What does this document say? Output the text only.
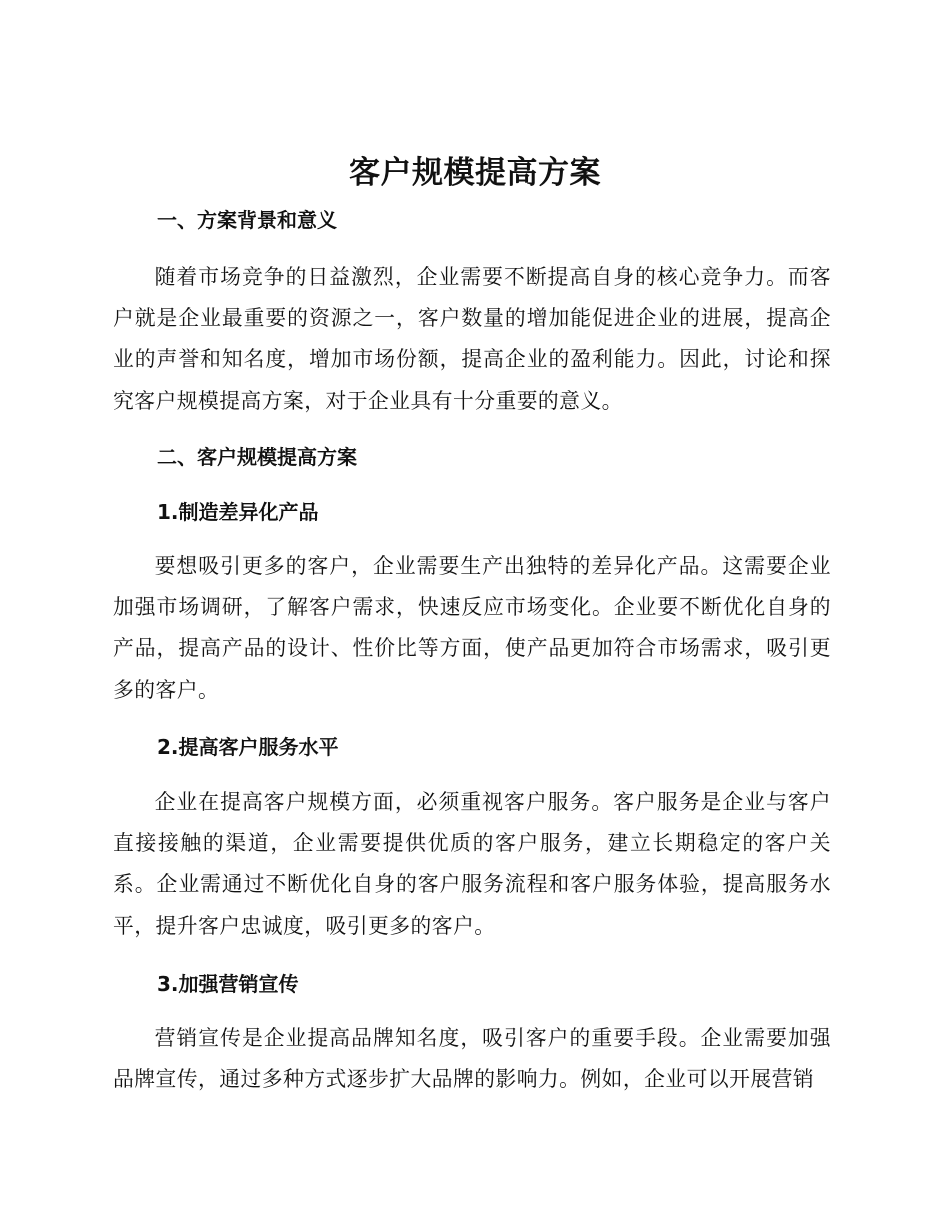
客户规模提高方案
一、方案背景和意义

随着市场竞争的日益激烈，企业需要不断提高自身的核心竞争力。而客户就是企业最重要的资源之一，客户数量的增加能促进企业的进展，提高企业的声誉和知名度，增加市场份额，提高企业的盈利能力。因此，讨论和探究客户规模提高方案，对于企业具有十分重要的意义。

二、客户规模提高方案
1.制造差异化产品

要想吸引更多的客户，企业需要生产出独特的差异化产品。这需要企业加强市场调研，了解客户需求，快速反应市场变化。企业要不断优化自身的产品，提高产品的设计、性价比等方面，使产品更加符合市场需求，吸引更多的客户。

2.提高客户服务水平

企业在提高客户规模方面，必须重视客户服务。客户服务是企业与客户直接接触的渠道，企业需要提供优质的客户服务，建立长期稳定的客户关系。企业需通过不断优化自身的客户服务流程和客户服务体验，提高服务水平，提升客户忠诚度，吸引更多的客户。

3.加强营销宣传

营销宣传是企业提高品牌知名度，吸引客户的重要手段。企业需要加强品牌宣传，通过多种方式逐步扩大品牌的影响力。例如，企业可以开展营销
